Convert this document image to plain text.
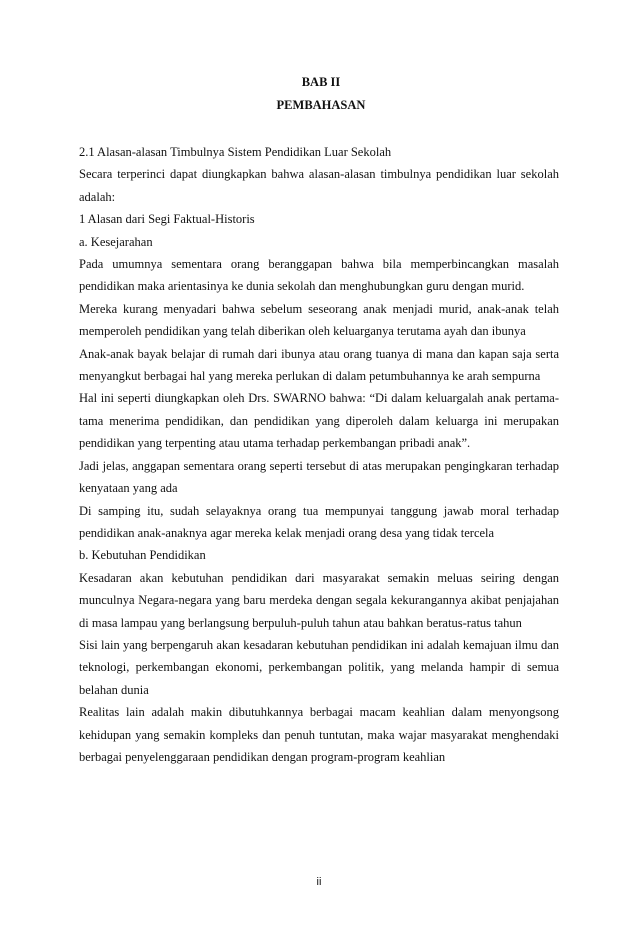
BAB II
PEMBAHASAN

2.1 Alasan-alasan Timbulnya Sistem Pendidikan Luar Sekolah

Secara terperinci dapat diungkapkan bahwa alasan-alasan timbulnya pendidikan luar sekolah adalah:

1 Alasan dari Segi Faktual-Historis

a. Kesejarahan

Pada umumnya sementara orang beranggapan bahwa bila memperbincangkan masalah pendidikan maka arientasinya ke dunia sekolah dan menghubungkan guru dengan murid.

Mereka kurang menyadari bahwa sebelum seseorang anak menjadi murid, anak-anak telah memperoleh pendidikan yang telah diberikan oleh keluarganya terutama ayah dan ibunya

Anak-anak bayak belajar di rumah dari ibunya atau orang tuanya di mana dan kapan saja serta menyangkut berbagai hal yang mereka perlukan di dalam petumbuhannya ke arah sempurna

Hal ini seperti diungkapkan oleh Drs. SWARNO bahwa: “Di dalam keluargalah anak pertama-tama menerima pendidikan, dan pendidikan yang diperoleh dalam keluarga ini merupakan pendidikan yang terpenting atau utama terhadap perkembangan pribadi anak”.

Jadi jelas, anggapan sementara orang seperti tersebut di atas merupakan pengingkaran terhadap kenyataan yang ada

Di samping itu, sudah selayaknya orang tua mempunyai tanggung jawab moral terhadap pendidikan anak-anaknya agar mereka kelak menjadi orang desa yang tidak tercela

b. Kebutuhan Pendidikan

Kesadaran akan kebutuhan pendidikan dari masyarakat semakin meluas seiring dengan munculnya Negara-negara yang baru merdeka dengan segala kekurangannya akibat penjajahan di masa lampau yang berlangsung berpuluh-puluh tahun atau bahkan beratus-ratus tahun

Sisi lain yang berpengaruh akan kesadaran kebutuhan pendidikan ini adalah kemajuan ilmu dan teknologi, perkembangan ekonomi, perkembangan politik, yang melanda hampir di semua belahan dunia

Realitas lain adalah makin dibutuhkannya berbagai macam keahlian dalam menyongsong kehidupan yang semakin kompleks dan penuh tuntutan, maka wajar masyarakat menghendaki berbagai penyelenggaraan pendidikan dengan program-program keahlian

ii
